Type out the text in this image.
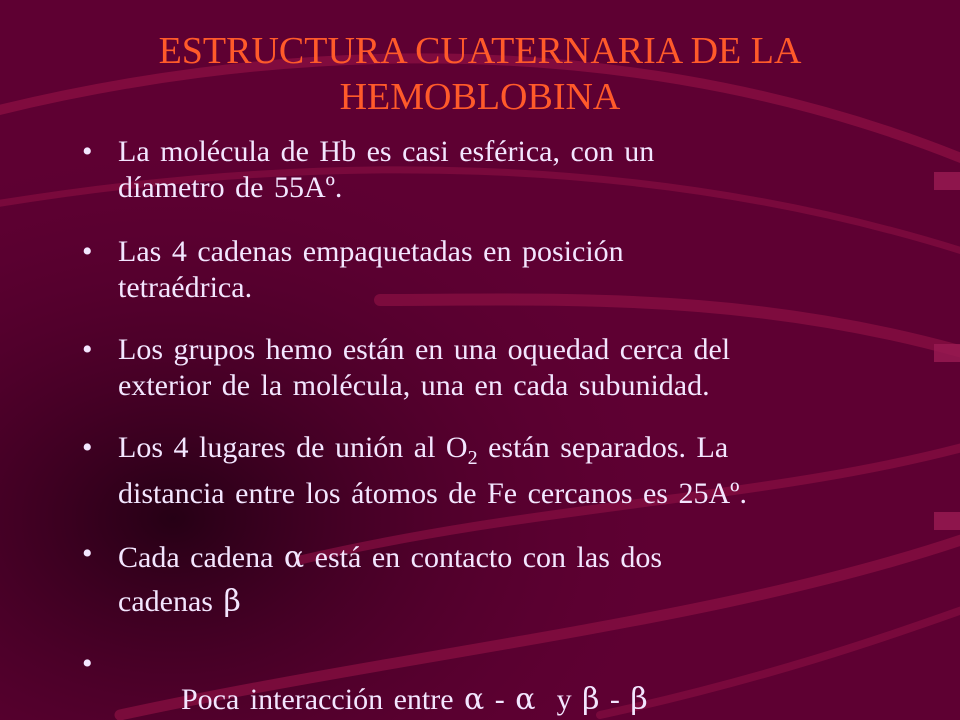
ESTRUCTURA CUATERNARIA DE LA
HEMOBLOBINA
• La molécula de Hb es casi esférica, con un
díametro de 55Aº.
• Las 4 cadenas empaquetadas en posición
tetraédrica.
• Los grupos hemo están en una oquedad cerca del
exterior de la molécula, una en cada subunidad.
• Los 4 lugares de unión al $O_2$ están separados. La
distancia entre los átomos de Fe cercanos es 25Aº.
• Cada cadena α está en contacto con las dos
cadenas β
•

Poca interacción entre α - α  y β - β
